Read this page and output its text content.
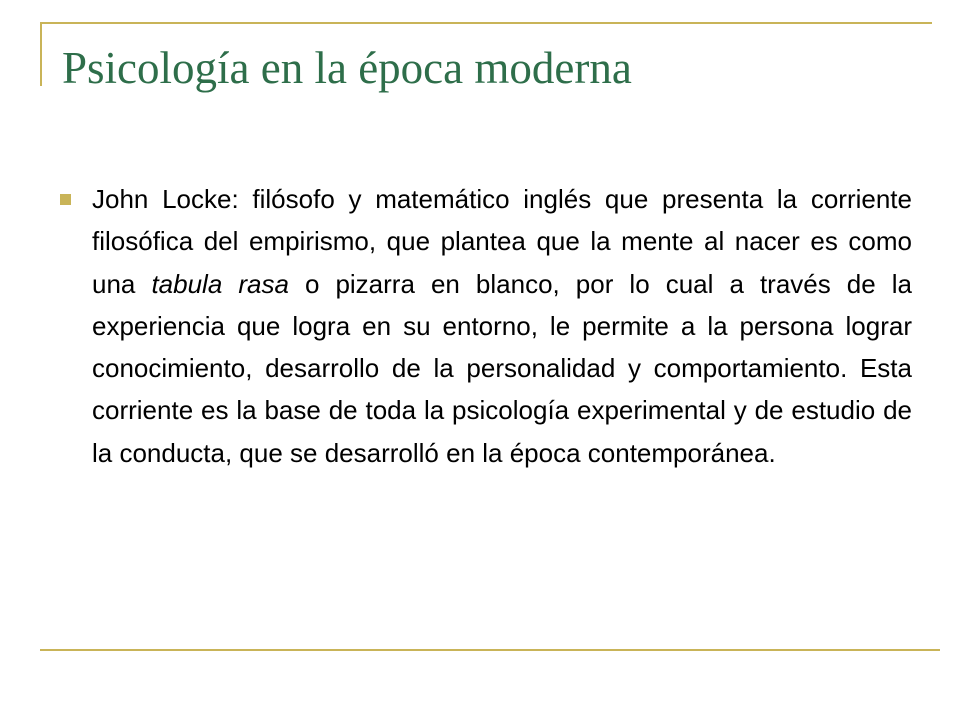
Psicología en la época moderna

John Locke: filósofo y matemático inglés que presenta la corriente filosófica del empirismo, que plantea que la mente al nacer es como una tabula rasa o pizarra en blanco, por lo cual a través de la experiencia que logra en su entorno, le permite a la persona lograr conocimiento, desarrollo de la personalidad y comportamiento. Esta corriente es la base de toda la psicología experimental y de estudio de la conducta, que se desarrolló en la época contemporánea.
